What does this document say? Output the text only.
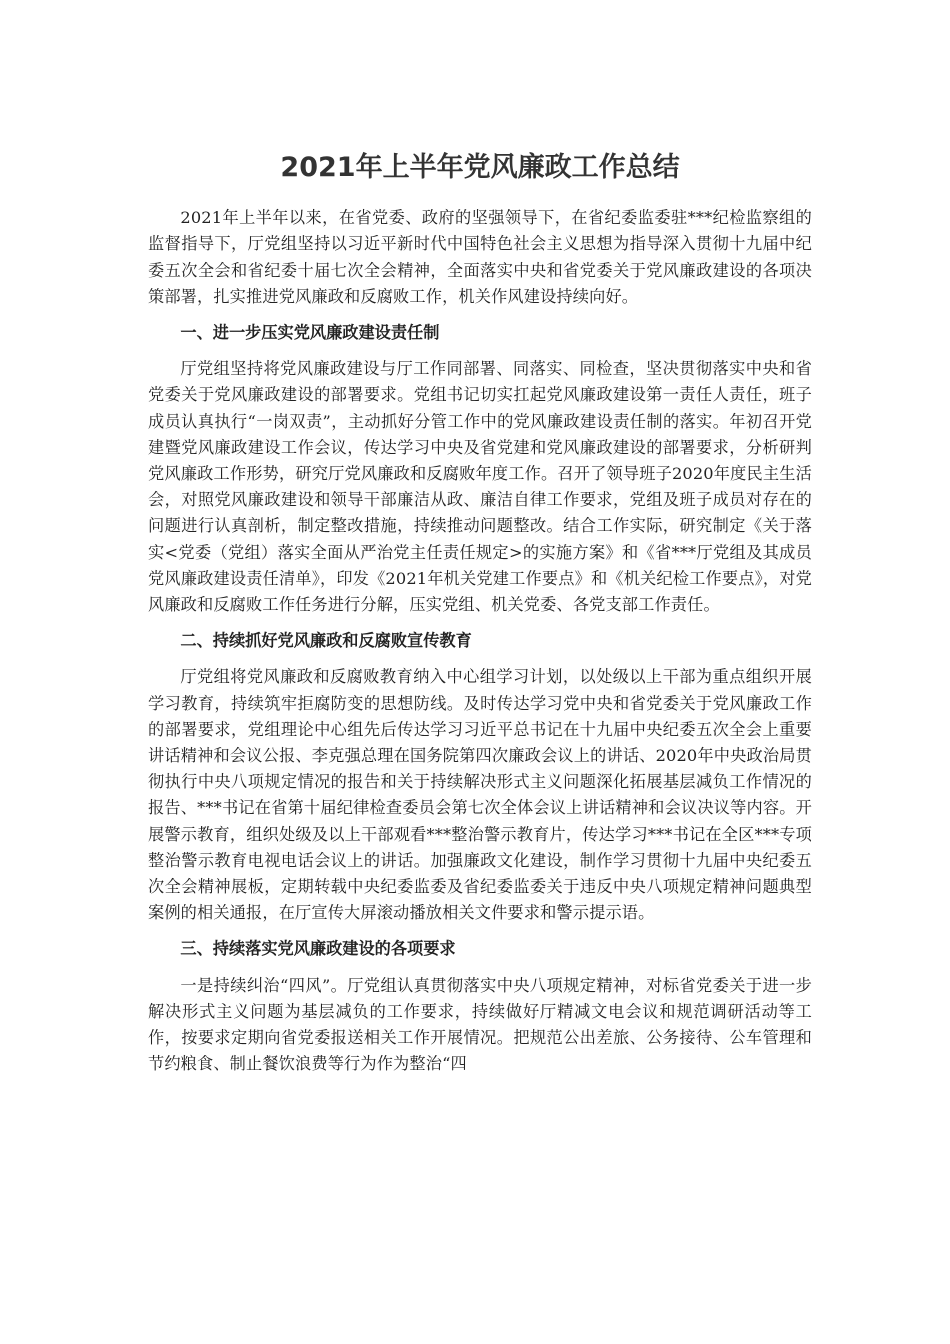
2021年上半年党风廉政工作总结

2021年上半年以来，在省党委、政府的坚强领导下，在省纪委监委驻***纪检监察组的监督指导下，厅党组坚持以习近平新时代中国特色社会主义思想为指导深入贯彻十九届中纪委五次全会和省纪委十届七次全会精神，全面落实中央和省党委关于党风廉政建设的各项决策部署，扎实推进党风廉政和反腐败工作，机关作风建设持续向好。

一、进一步压实党风廉政建设责任制

厅党组坚持将党风廉政建设与厅工作同部署、同落实、同检查，坚决贯彻落实中央和省党委关于党风廉政建设的部署要求。党组书记切实扛起党风廉政建设第一责任人责任，班子成员认真执行“一岗双责”，主动抓好分管工作中的党风廉政建设责任制的落实。年初召开党建暨党风廉政建设工作会议，传达学习中央及省党建和党风廉政建设的部署要求，分析研判党风廉政工作形势，研究厅党风廉政和反腐败年度工作。召开了领导班子2020年度民主生活会，对照党风廉政建设和领导干部廉洁从政、廉洁自律工作要求，党组及班子成员对存在的问题进行认真剖析，制定整改措施，持续推动问题整改。结合工作实际，研究制定《关于落实<党委（党组）落实全面从严治党主任责任规定>的实施方案》和《省***厅党组及其成员党风廉政建设责任清单》，印发《2021年机关党建工作要点》和《机关纪检工作要点》，对党风廉政和反腐败工作任务进行分解，压实党组、机关党委、各党支部工作责任。

二、持续抓好党风廉政和反腐败宣传教育

厅党组将党风廉政和反腐败教育纳入中心组学习计划，以处级以上干部为重点组织开展学习教育，持续筑牢拒腐防变的思想防线。及时传达学习党中央和省党委关于党风廉政工作的部署要求，党组理论中心组先后传达学习习近平总书记在十九届中央纪委五次全会上重要讲话精神和会议公报、李克强总理在国务院第四次廉政会议上的讲话、2020年中央政治局贯彻执行中央八项规定情况的报告和关于持续解决形式主义问题深化拓展基层减负工作情况的报告、***书记在省第十届纪律检查委员会第七次全体会议上讲话精神和会议决议等内容。开展警示教育，组织处级及以上干部观看***整治警示教育片，传达学习***书记在全区***专项整治警示教育电视电话会议上的讲话。加强廉政文化建设，制作学习贯彻十九届中央纪委五次全会精神展板，定期转载中央纪委监委及省纪委监委关于违反中央八项规定精神问题典型案例的相关通报，在厅宣传大屏滚动播放相关文件要求和警示提示语。

三、持续落实党风廉政建设的各项要求

一是持续纠治“四风”。厅党组认真贯彻落实中央八项规定精神，对标省党委关于进一步解决形式主义问题为基层减负的工作要求，持续做好厅精减文电会议和规范调研活动等工作，按要求定期向省党委报送相关工作开展情况。把规范公出差旅、公务接待、公车管理和节约粮食、制止餐饮浪费等行为作为整治“四
